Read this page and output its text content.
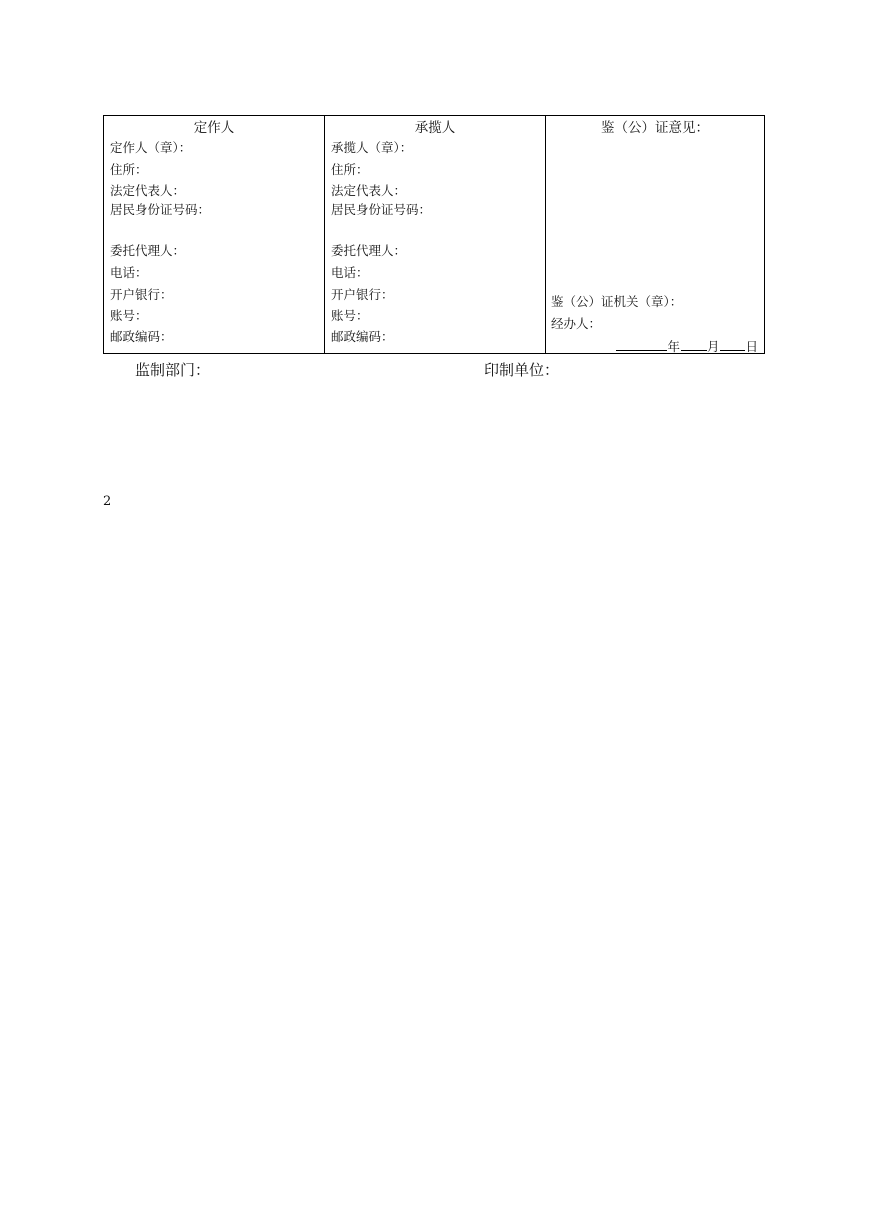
定作人
定作人（章）：
住所：
法定代表人：
居民身份证号码：
委托代理人：
电话：
开户银行：
账号：
邮政编码：
承揽人
承揽人（章）：
住所：
法定代表人：
居民身份证号码：
委托代理人：
电话：
开户银行：
账号：
邮政编码：
鉴（公）证意见：
鉴（公）证机关（章）：
经办人：
年 月 日
监制部门：	印制单位：
2
